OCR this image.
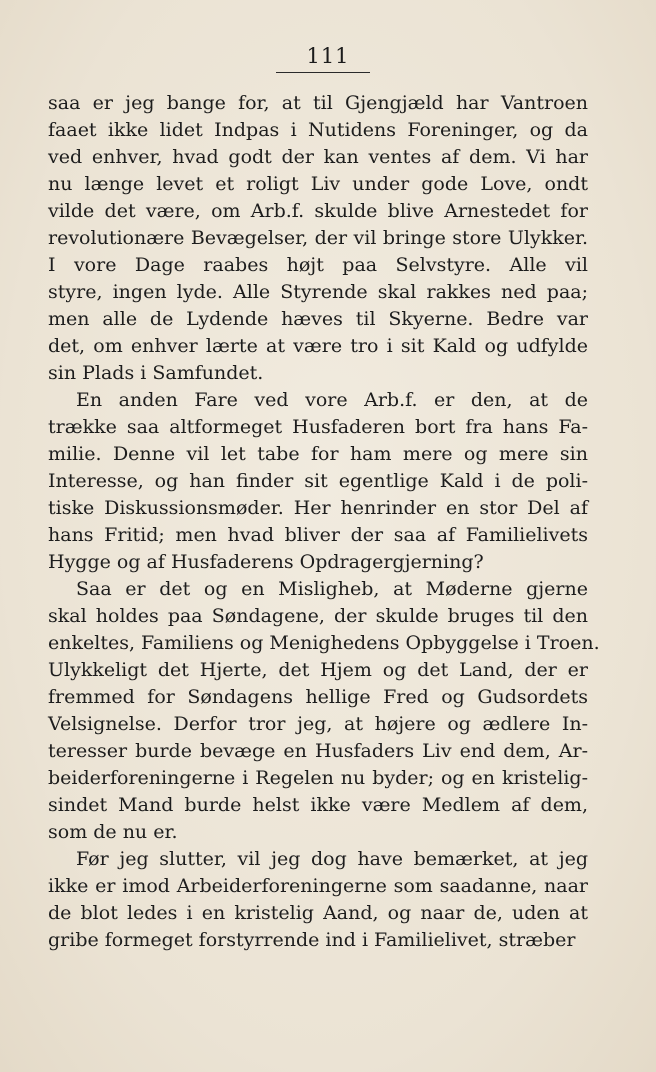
111
saa er jeg bange for, at til Gjengjæld har Vantroen
faaet ikke lidet Indpas i Nutidens Foreninger, og da
ved enhver, hvad godt der kan ventes af dem. Vi har
nu længe levet et roligt Liv under gode Love, ondt
vilde det være, om Arb.f. skulde blive Arnestedet for
revolutionære Bevægelser, der vil bringe store Ulykker.
I vore Dage raabes højt paa Selvstyre. Alle vil
styre, ingen lyde. Alle Styrende skal rakkes ned paa;
men alle de Lydende hæves til Skyerne. Bedre var
det, om enhver lærte at være tro i sit Kald og udfylde
sin Plads i Samfundet.
En anden Fare ved vore Arb.f. er den, at de
trække saa altformeget Husfaderen bort fra hans Fa-
milie. Denne vil let tabe for ham mere og mere sin
Interesse, og han finder sit egentlige Kald i de poli-
tiske Diskussionsmøder. Her henrinder en stor Del af
hans Fritid; men hvad bliver der saa af Familielivets
Hygge og af Husfaderens Opdragergjerning?
Saa er det og en Misligheb, at Møderne gjerne
skal holdes paa Søndagene, der skulde bruges til den
enkeltes, Familiens og Menighedens Opbyggelse i Troen.
Ulykkeligt det Hjerte, det Hjem og det Land, der er
fremmed for Søndagens hellige Fred og Gudsordets
Velsignelse. Derfor tror jeg, at højere og ædlere In-
teresser burde bevæge en Husfaders Liv end dem, Ar-
beiderforeningerne i Regelen nu byder; og en kristelig-
sindet Mand burde helst ikke være Medlem af dem,
som de nu er.
Før jeg slutter, vil jeg dog have bemærket, at jeg
ikke er imod Arbeiderforeningerne som saadanne, naar
de blot ledes i en kristelig Aand, og naar de, uden at
gribe formeget forstyrrende ind i Familielivet, stræber
